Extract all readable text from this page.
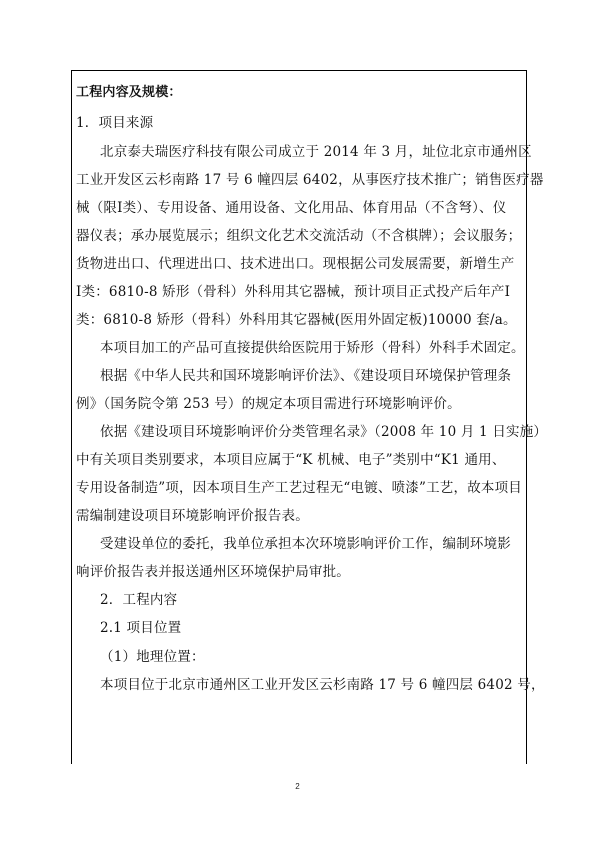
工程内容及规模：
1．项目来源
北京泰夫瑞医疗科技有限公司成立于 2014 年 3 月，址位北京市通州区
工业开发区云杉南路 17 号 6 幢四层 6402，从事医疗技术推广；销售医疗器
械（限Ⅰ类）、专用设备、通用设备、文化用品、体育用品（不含弩）、仪
器仪表；承办展览展示；组织文化艺术交流活动（不含棋牌）；会议服务；
货物进出口、代理进出口、技术进出口。现根据公司发展需要，新增生产
Ⅰ类：6810-8 矫形（骨科）外科用其它器械，预计项目正式投产后年产Ⅰ
类：6810-8 矫形（骨科）外科用其它器械(医用外固定板)10000 套/a。
本项目加工的产品可直接提供给医院用于矫形（骨科）外科手术固定。
根据《中华人民共和国环境影响评价法》、《建设项目环境保护管理条
例》（国务院令第 253 号）的规定本项目需进行环境影响评价。
依据《建设项目环境影响评价分类管理名录》（2008 年 10 月 1 日实施）
中有关项目类别要求，本项目应属于“K 机械、电子”类别中“K1 通用、
专用设备制造”项，因本项目生产工艺过程无“电镀、喷漆”工艺，故本项目
需编制建设项目环境影响评价报告表。
受建设单位的委托，我单位承担本次环境影响评价工作，编制环境影
响评价报告表并报送通州区环境保护局审批。
2．工程内容
2.1 项目位置
（1）地理位置：
本项目位于北京市通州区工业开发区云杉南路 17 号 6 幢四层 6402 号，
2
